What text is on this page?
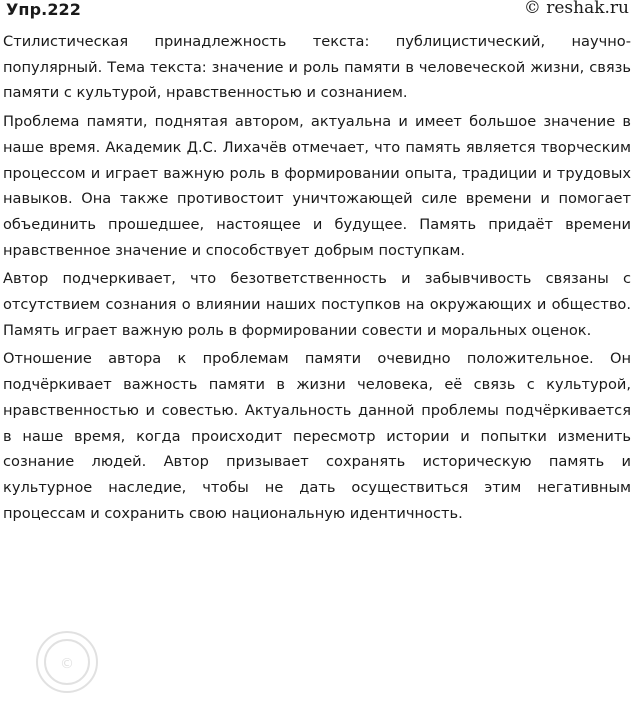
Упр.222	© reshak.ru

Стилистическая принадлежность текста: публицистический, научно-популярный. Тема текста: значение и роль памяти в человеческой жизни, связь памяти с культурой, нравственностью и сознанием.

Проблема памяти, поднятая автором, актуальна и имеет большое значение в наше время. Академик Д.С. Лихачёв отмечает, что память является творческим процессом и играет важную роль в формировании опыта, традиции и трудовых навыков. Она также противостоит уничтожающей силе времени и помогает объединить прошедшее, настоящее и будущее. Память придаёт времени нравственное значение и способствует добрым поступкам.

Автор подчеркивает, что безответственность и забывчивость связаны с отсутствием сознания о влиянии наших поступков на окружающих и общество. Память играет важную роль в формировании совести и моральных оценок.

Отношение автора к проблемам памяти очевидно положительное. Он подчёркивает важность памяти в жизни человека, её связь с культурой, нравственностью и совестью. Актуальность данной проблемы подчёркивается в наше время, когда происходит пересмотр истории и попытки изменить сознание людей. Автор призывает сохранять историческую память и культурное наследие, чтобы не дать осуществиться этим негативным процессам и сохранить свою национальную идентичность.

©
